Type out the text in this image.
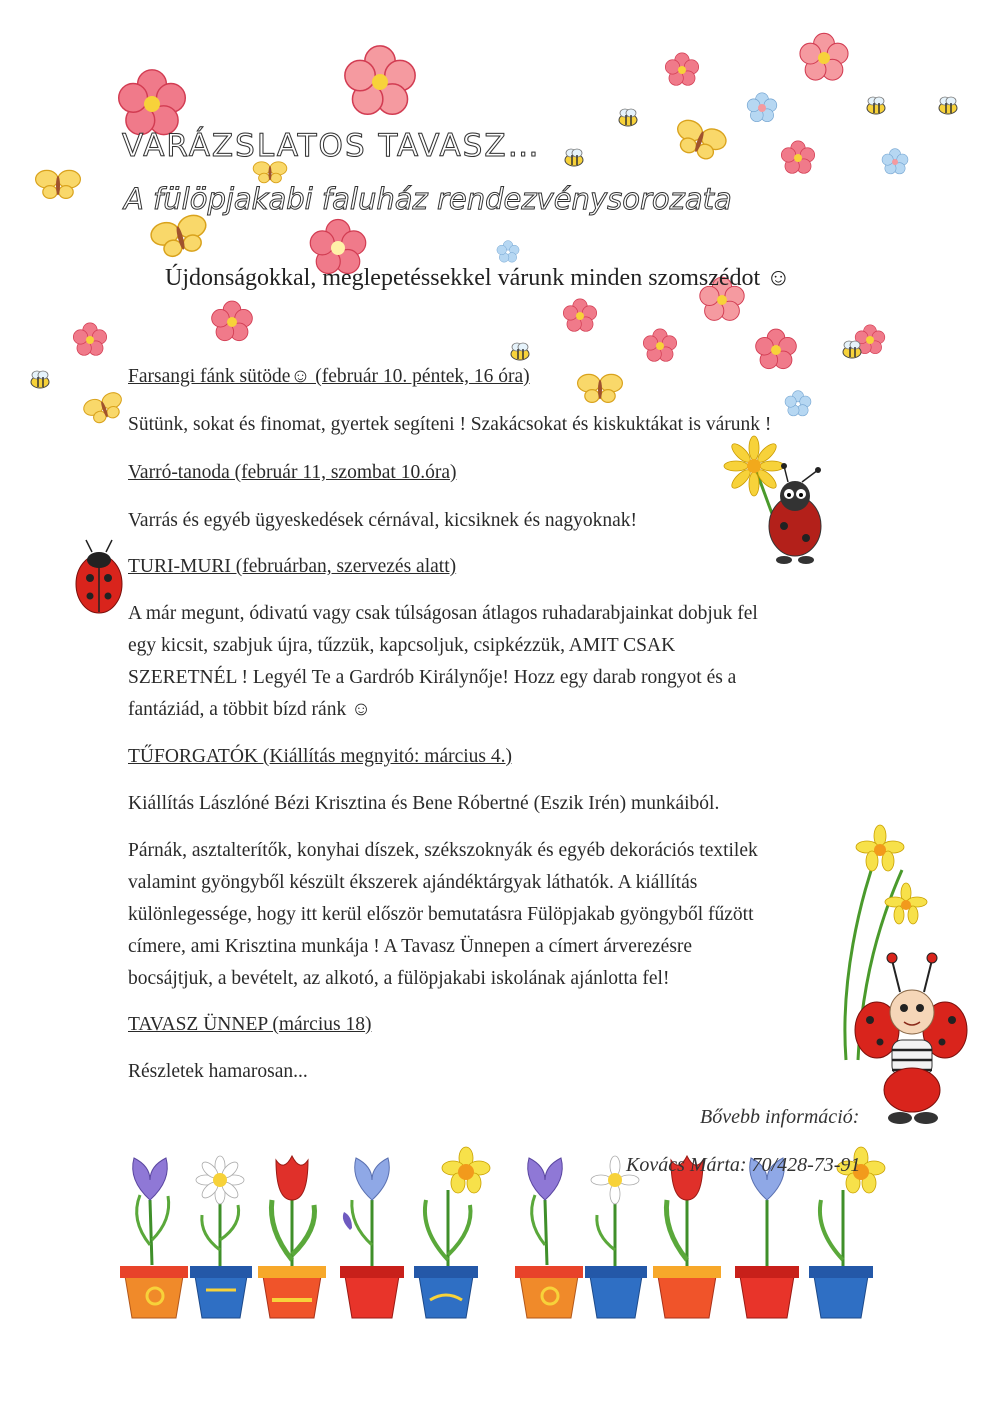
VARÁZSLATOS TAVASZ…
A fülöpjakabi faluház rendezvénysorozata
Újdonságokkal, meglepetéssekkel várunk minden szomszédot ☺
Farsangi fánk sütöde☺ (február 10. péntek, 16 óra)
Sütünk, sokat és finomat, gyertek segíteni ! Szakácsokat és kiskuktákat is várunk !
Varró-tanoda (február 11, szombat 10.óra)
Varrás és egyéb ügyeskedések cérnával, kicsiknek és nagyoknak!
TURI-MURI (februárban, szervezés alatt)
A már megunt, ódivatú vagy csak túlságosan átlagos ruhadarabjainkat dobjuk fel
egy kicsit, szabjuk újra, tűzzük, kapcsoljuk, csipkézzük, AMIT CSAK
SZERETNÉL ! Legyél Te a Gardrób Királynője! Hozz egy darab rongyot és a
fantáziád, a többit bízd ránk ☺
TŰFORGATÓK (Kiállítás megnyitó: március 4.)
Kiállítás Lászlóné Bézi Krisztina és Bene Róbertné (Eszik Irén) munkáiból.
Párnák, asztalterítők, konyhai díszek, székszoknyák és egyéb dekorációs textilek
valamint gyöngyből készült ékszerek ajándéktárgyak láthatók. A kiállítás
különlegessége, hogy itt kerül először bemutatásra Fülöpjakab gyöngyből fűzött
címere, ami Krisztina munkája ! A Tavasz Ünnepen a címert árverezésre
bocsájtjuk, a bevételt, az alkotó, a fülöpjakabi iskolának ajánlotta fel!
TAVASZ ÜNNEP (március 18)
Részletek hamarosan...
Bővebb információ:
Kovács Márta: 70/428-73-91
